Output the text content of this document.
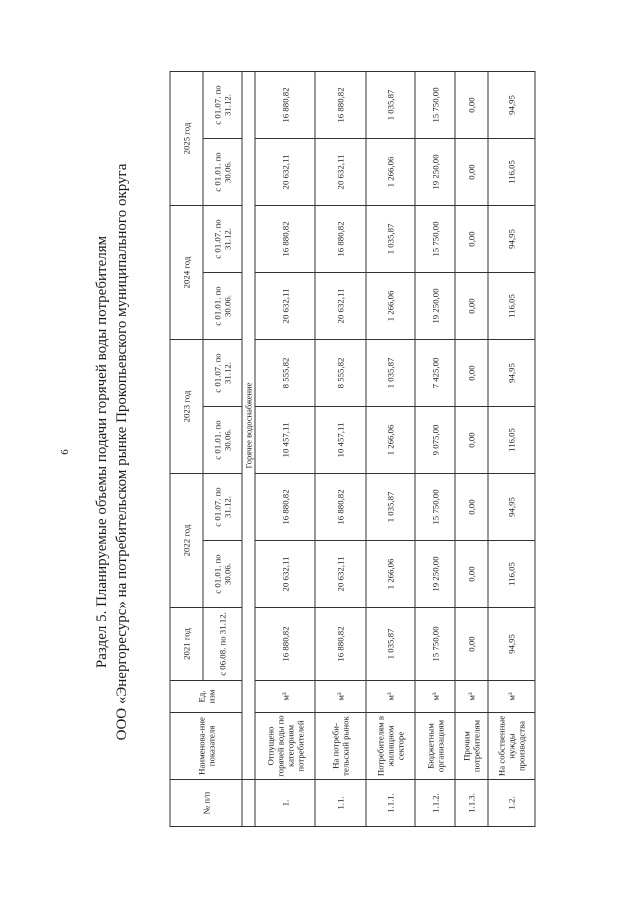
6 Раздел 5. Планируемые объемы подачи горячей воды потребителям ООО «Энергоресурс» на потребительском рынке Прокопьевского муниципального округа
№ п/п	Наименова-ние показателя	Ед. изм	2021 год	2022 год		2023 год		2024 год		2025 год	
			с 06.08. по 31.12.	с 01.01. по 30.06.	с 01.07. по 31.12.	с 01.01. по 30.06.	с 01.07. по 31.12.	с 01.01. по 30.06.	с 01.07. по 31.12.	с 01.01. по 30.06.	с 01.07. по 31.12.
	Горячее водоснабжение										
1.	Отпущено горячей воды по категориям потребителей	м³	16 880,82	20 632,11	16 880,82	10 457,11	8 555,82	20 632,11	16 880,82	20 632,11	16 880,82
1.1.	На потреби-тельский рынок	м³	16 880,82	20 632,11	16 880,82	10 457,11	8 555,82	20 632,11	16 880,82	20 632,11	16 880,82
1.1.1.	Потребителям в жилищном секторе	м³	1 035,87	1 266,06	1 035,87	1 266,06	1 035,87	1 266,06	1 035,87	1 266,06	1 035,87
1.1.2.	Бюджетным организациям	м³	15 750,00	19 250,00	15 750,00	9 075,00	7 425,00	19 250,00	15 750,00	19 250,00	15 750,00
1.1.3.	Прочим потребителям	м³	0,00	0,00	0,00	0,00	0,00	0,00	0,00	0,00	0,00
1.2.	На собственные нужды производства	м³	94,95	116,05	94,95	116,05	94,95	116,05	94,95	116,05	94,95
